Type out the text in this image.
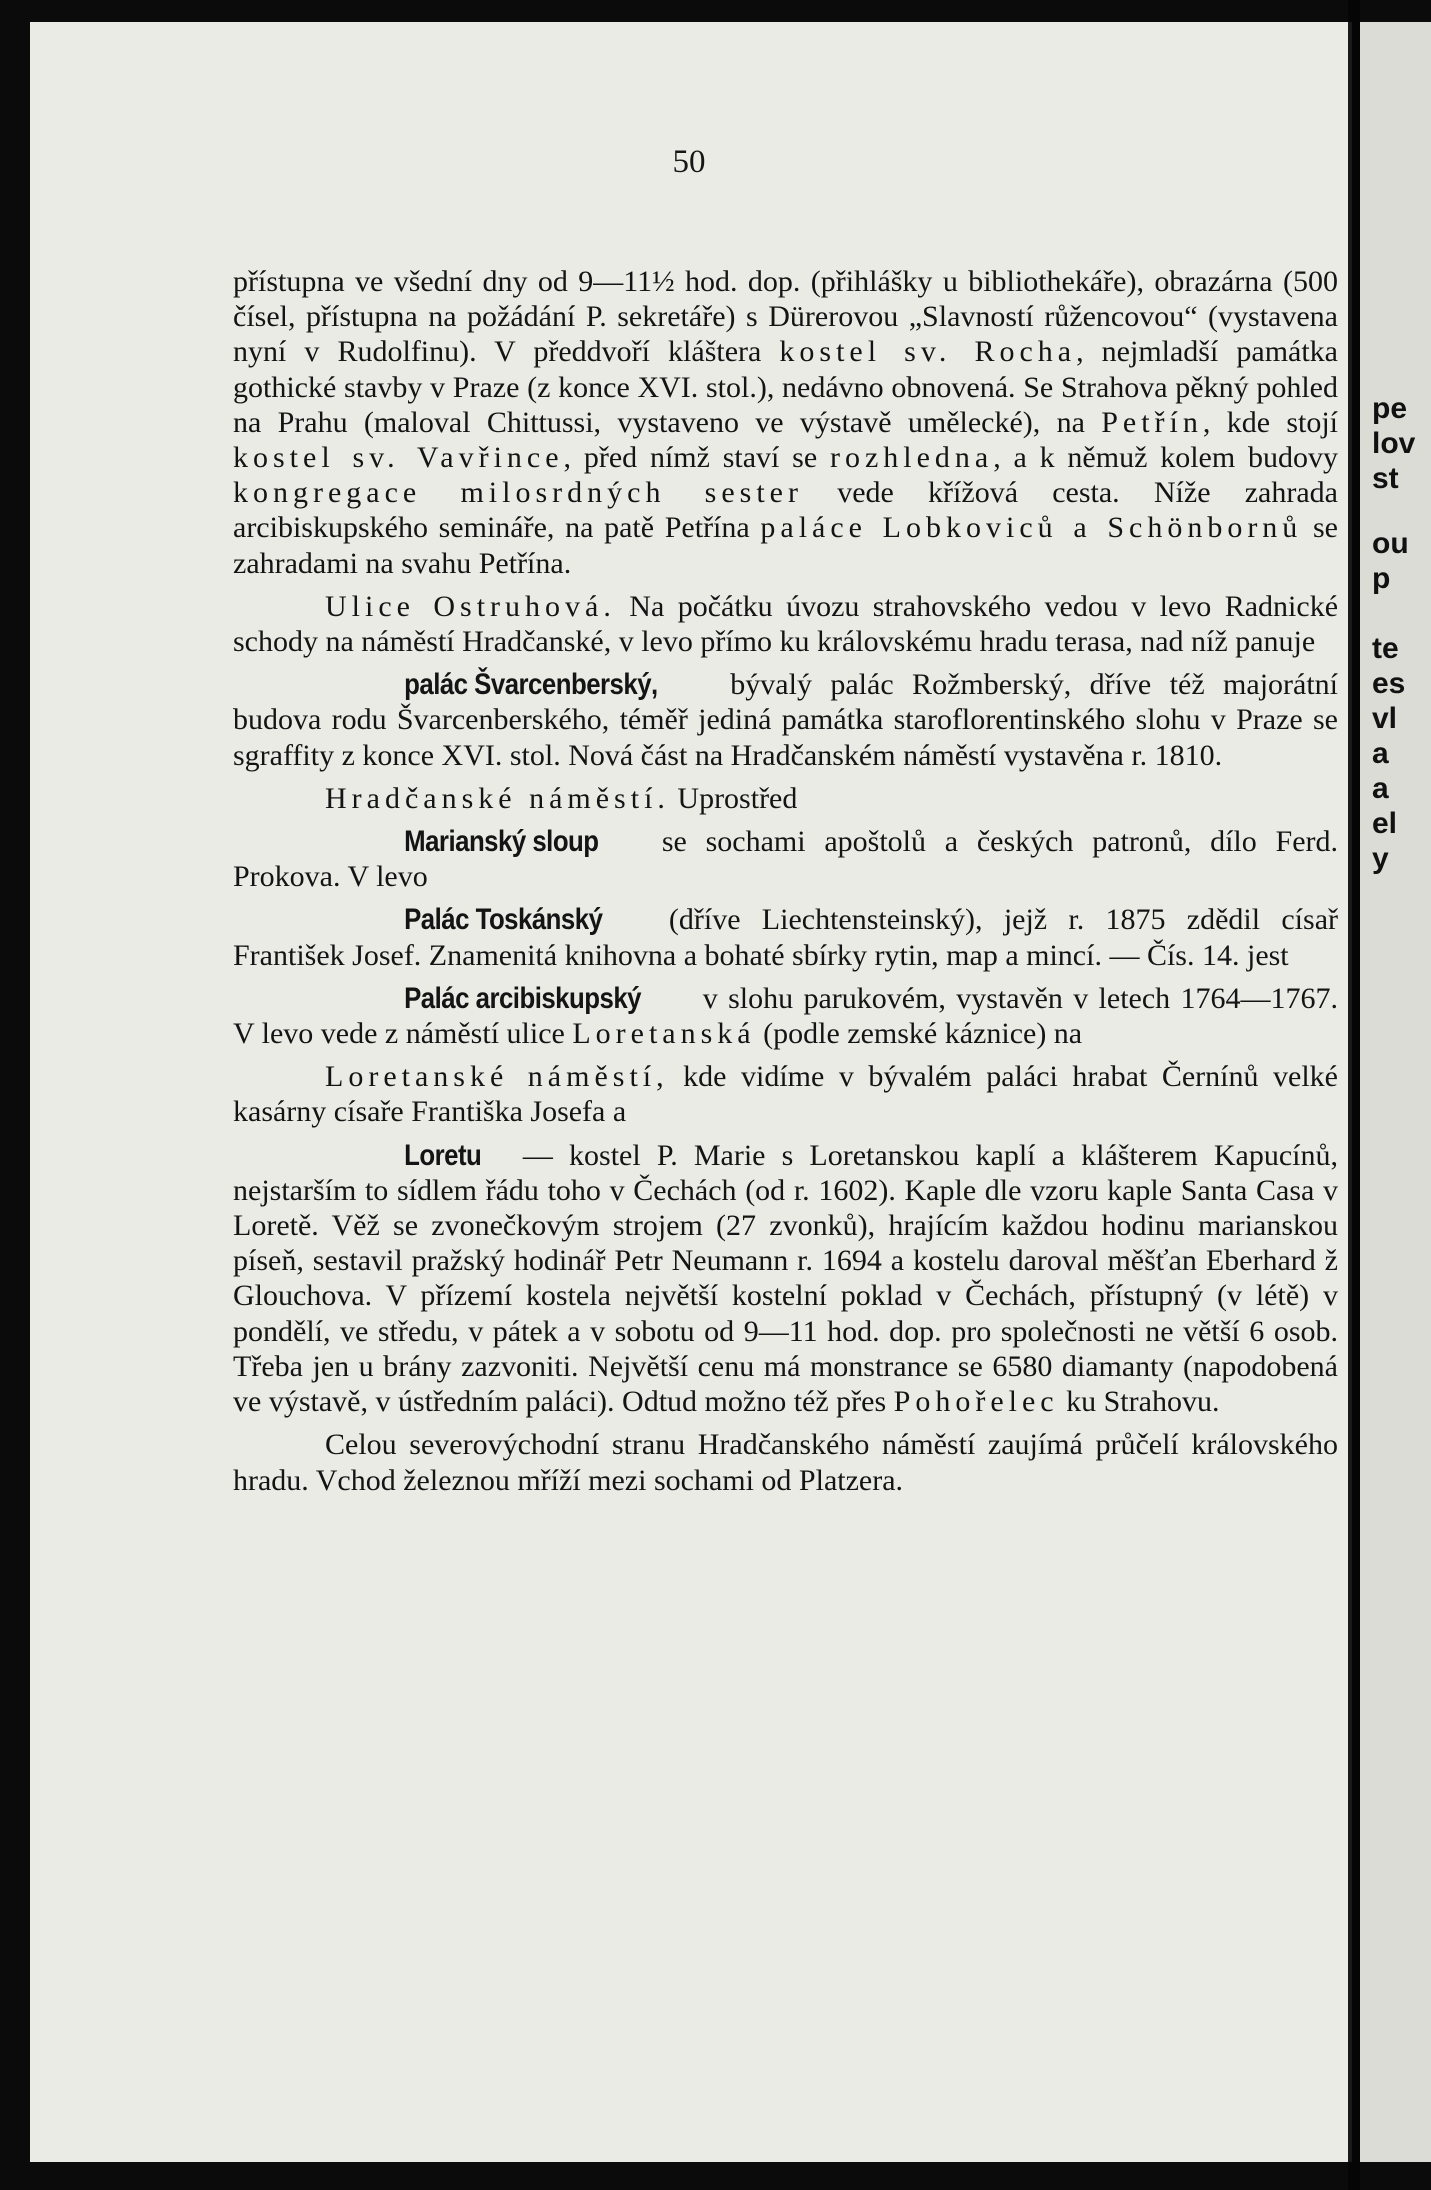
50

přístupna ve všední dny od 9—11½ hod. dop. (přihlášky u bibliothekáře), obrazárna (500 čísel, přístupna na požádání P. sekretáře) s Dürerovou „Slavností růžencovou“ (vystavena nyní v Rudolfinu). V předdvoří kláštera kostel sv. Rocha, nejmladší památka gothické stavby v Praze (z konce XVI. stol.), nedávno obnovená. Se Strahova pěkný pohled na Prahu (maloval Chittussi, vystaveno ve výstavě umělecké), na Petřín, kde stojí kostel sv. Vavřince, před nímž staví se rozhledna, a k němuž kolem budovy kongregace milosrdných sester vede křížová cesta. Níže zahrada arcibiskupského semináře, na patě Petřína paláce Lobkoviců a Schönbornů se zahradami na svahu Petřína.

Ulice Ostruhová. Na počátku úvozu strahovského vedou v levo Radnické schody na náměstí Hradčanské, v levo přímo ku královskému hradu terasa, nad níž panuje

palác Švarcenberský, bývalý palác Rožmberský, dříve též majorátní budova rodu Švarcenberského, téměř jediná památka staroflorentinského slohu v Praze se sgraffity z konce XVI. stol. Nová část na Hradčanském náměstí vystavěna r. 1810.

Hradčanské náměstí. Uprostřed

Marianský sloup se sochami apoštolů a českých patronů, dílo Ferd. Prokova. V levo

Palác Toskánský (dříve Liechtensteinský), jejž r. 1875 zdědil císař František Josef. Znamenitá knihovna a bohaté sbírky rytin, map a mincí. — Čís. 14. jest

Palác arcibiskupský v slohu parukovém, vystavěn v letech 1764—1767. V levo vede z náměstí ulice Loretanská (podle zemské káznice) na

Loretanské náměstí, kde vidíme v bývalém paláci hrabat Černínů velké kasárny císaře Františka Josefa a

Loretu — kostel P. Marie s Loretanskou kaplí a klášterem Kapucínů, nejstarším to sídlem řádu toho v Čechách (od r. 1602). Kaple dle vzoru kaple Santa Casa v Loretě. Věž se zvonečkovým strojem (27 zvonků), hrajícím každou hodinu marianskou píseň, sestavil pražský hodinář Petr Neumann r. 1694 a kostelu daroval měšťan Eberhard ž Glouchova. V přízemí kostela největší kostelní poklad v Čechách, přístupný (v létě) v pondělí, ve středu, v pátek a v sobotu od 9—11 hod. dop. pro společnosti ne větší 6 osob. Třeba jen u brány zazvoniti. Největší cenu má monstrance se 6580 diamanty (napodobená ve výstavě, v ústředním paláci). Odtud možno též přes Pohořelec ku Strahovu.

Celou severovýchodní stranu Hradčanského náměstí zaujímá průčelí královského hradu. Vchod železnou mříží mezi sochami od Platzera.

pe
lov
st
ou
p
te
es
vl
a
a
el
y
